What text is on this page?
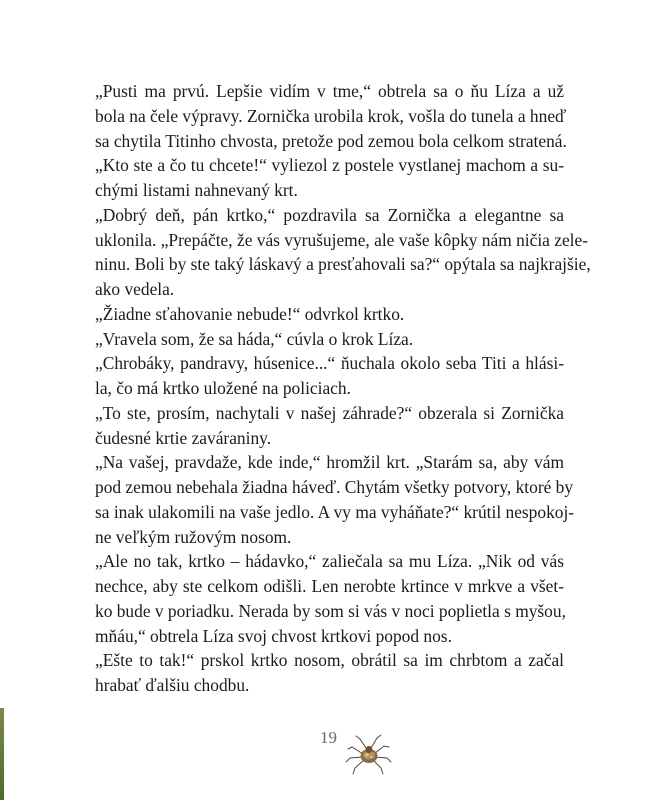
„Pusti ma prvú. Lepšie vidím v tme,“ obtrela sa o ňu Líza a už
bola na čele výpravy. Zornička urobila krok, vošla do tunela a hneď
sa chytila Titinho chvosta, pretože pod zemou bola celkom stratená.
„Kto ste a čo tu chcete!“ vyliezol z postele vystlanej machom a su-
chými listami nahnevaný krt.
„Dobrý deň, pán krtko,“ pozdravila sa Zornička a elegantne sa
uklonila. „Prepáčte, že vás vyrušujeme, ale vaše kôpky nám ničia zele-
ninu. Boli by ste taký láskavý a presťahovali sa?“ opýtala sa najkrajšie,
ako vedela.
„Žiadne sťahovanie nebude!“ odvrkol krtko.
„Vravela som, že sa háda,“ cúvla o krok Líza.
„Chrobáky, pandravy, húsenice...“ ňuchala okolo seba Titi a hlási-
la, čo má krtko uložené na policiach.
„To ste, prosím, nachytali v našej záhrade?“ obzerala si Zornička
čudesné krtie zaváraniny.
„Na vašej, pravdaže, kde inde,“ hromžil krt. „Starám sa, aby vám
pod zemou nebehala žiadna háveď. Chytám všetky potvory, ktoré by
sa inak ulakomili na vaše jedlo. A vy ma vyháňate?“ krútil nespokoj-
ne veľkým ružovým nosom.
„Ale no tak, krtko – hádavko,“ zaliečala sa mu Líza. „Nik od vás
nechce, aby ste celkom odišli. Len nerobte krtince v mrkve a všet-
ko bude v poriadku. Nerada by som si vás v noci poplietla s myšou,
mňáu,“ obtrela Líza svoj chvost krtkovi popod nos.
„Ešte to tak!“ prskol krtko nosom, obrátil sa im chrbtom a začal
hrabať ďalšiu chodbu.
19
